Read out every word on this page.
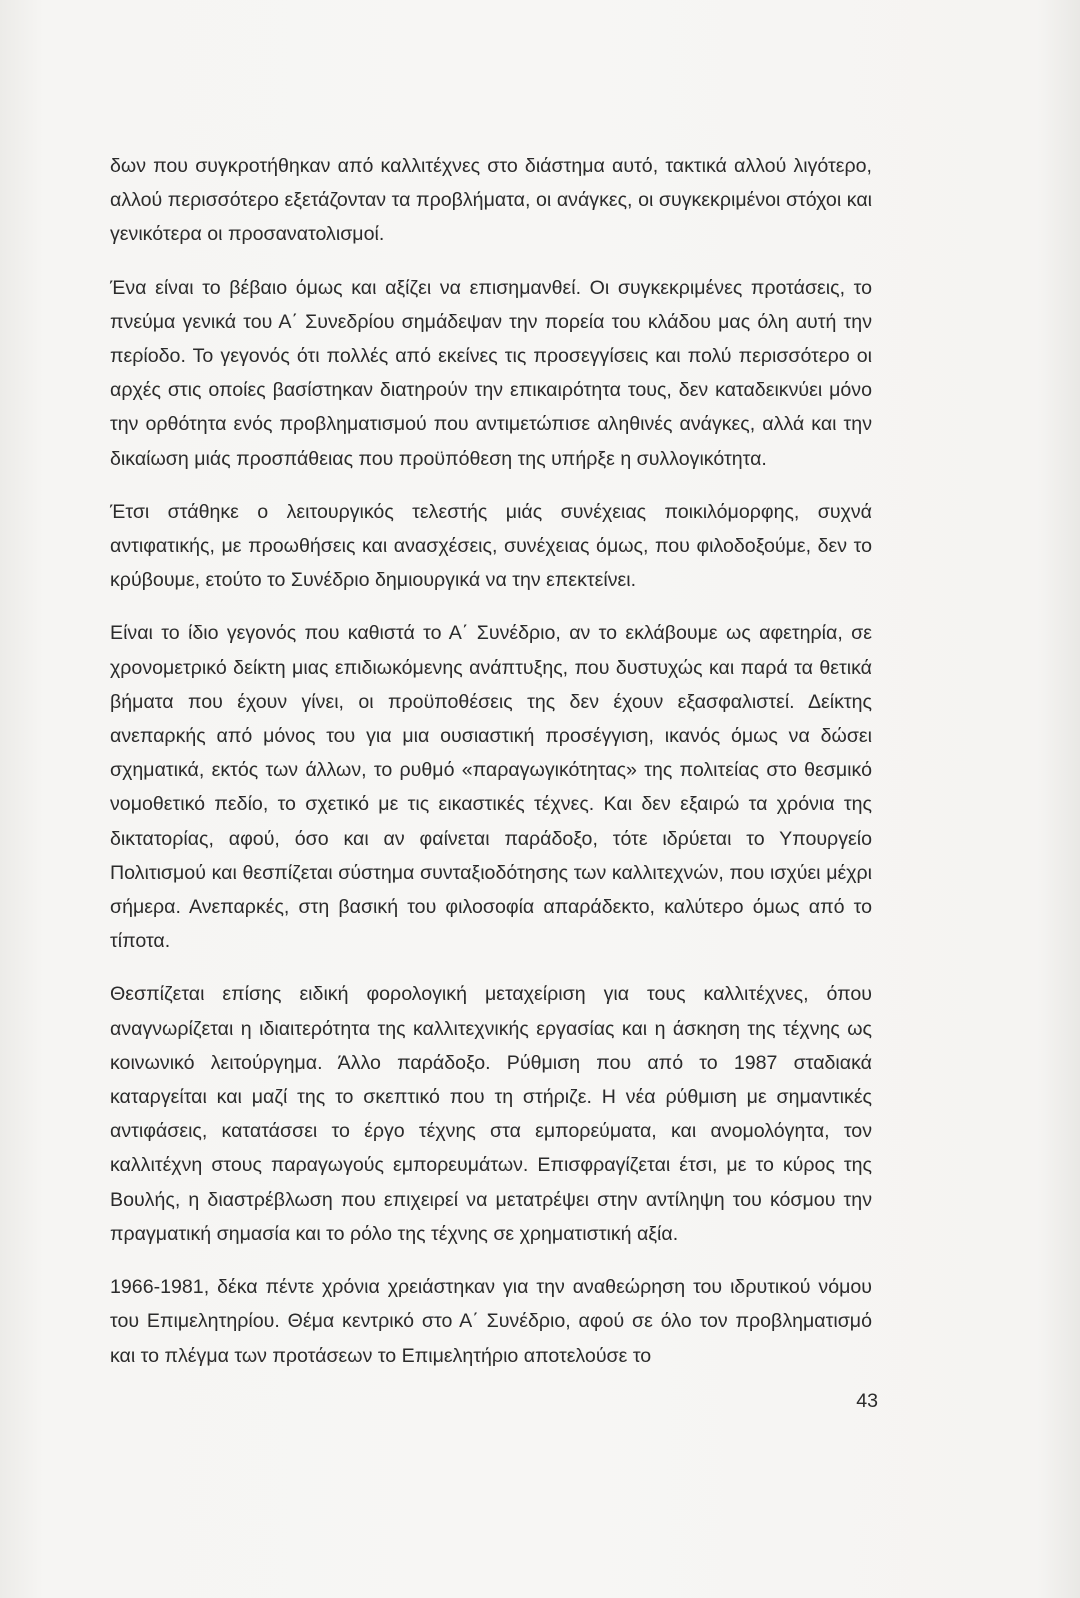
δων που συγκροτήθηκαν από καλλιτέχνες στο διάστημα αυτό, τακτικά αλλού λιγότερο, αλλού περισσότερο εξετάζονταν τα προβλήματα, οι ανάγκες, οι συγκεκριμένοι στόχοι και γενικότερα οι προσανατολισμοί.

Ένα είναι το βέβαιο όμως και αξίζει να επισημανθεί. Οι συγκεκριμένες προτάσεις, το πνεύμα γενικά του Α΄ Συνεδρίου σημάδεψαν την πορεία του κλάδου μας όλη αυτή την περίοδο. Το γεγονός ότι πολλές από εκείνες τις προσεγγίσεις και πολύ περισσότερο οι αρχές στις οποίες βασίστηκαν διατηρούν την επικαιρότητα τους, δεν καταδεικνύει μόνο την ορθότητα ενός προβληματισμού που αντιμετώπισε αληθινές ανάγκες, αλλά και την δικαίωση μιάς προσπάθειας που προϋπόθεση της υπήρξε η συλλογικότητα.

Έτσι στάθηκε ο λειτουργικός τελεστής μιάς συνέχειας ποικιλόμορφης, συχνά αντιφατικής, με προωθήσεις και ανασχέσεις, συνέχειας όμως, που φιλοδοξούμε, δεν το κρύβουμε, ετούτο το Συνέδριο δημιουργικά να την επεκτείνει.

Είναι το ίδιο γεγονός που καθιστά το Α΄ Συνέδριο, αν το εκλάβουμε ως αφετηρία, σε χρονομετρικό δείκτη μιας επιδιωκόμενης ανάπτυξης, που δυστυχώς και παρά τα θετικά βήματα που έχουν γίνει, οι προϋποθέσεις της δεν έχουν εξασφαλιστεί. Δείκτης ανεπαρκής από μόνος του για μια ουσιαστική προσέγγιση, ικανός όμως να δώσει σχηματικά, εκτός των άλλων, το ρυθμό «παραγωγικότητας» της πολιτείας στο θεσμικό νομοθετικό πεδίο, το σχετικό με τις εικαστικές τέχνες. Και δεν εξαιρώ τα χρόνια της δικτατορίας, αφού, όσο και αν φαίνεται παράδοξο, τότε ιδρύεται το Υπουργείο Πολιτισμού και θεσπίζεται σύστημα συνταξιοδότησης των καλλιτεχνών, που ισχύει μέχρι σήμερα. Ανεπαρκές, στη βασική του φιλοσοφία απαράδεκτο, καλύτερο όμως από το τίποτα.

Θεσπίζεται επίσης ειδική φορολογική μεταχείριση για τους καλλιτέχνες, όπου αναγνωρίζεται η ιδιαιτερότητα της καλλιτεχνικής εργασίας και η άσκηση της τέχνης ως κοινωνικό λειτούργημα. Άλλο παράδοξο. Ρύθμιση που από το 1987 σταδιακά καταργείται και μαζί της το σκεπτικό που τη στήριζε. Η νέα ρύθμιση με σημαντικές αντιφάσεις, κατατάσσει το έργο τέχνης στα εμπορεύματα, και ανομολόγητα, τον καλλιτέχνη στους παραγωγούς εμπορευμάτων. Επισφραγίζεται έτσι, με το κύρος της Βουλής, η διαστρέβλωση που επιχειρεί να μετατρέψει στην αντίληψη του κόσμου την πραγματική σημασία και το ρόλο της τέχνης σε χρηματιστική αξία.

1966-1981, δέκα πέντε χρόνια χρειάστηκαν για την αναθεώρηση του ιδρυτικού νόμου του Επιμελητηρίου. Θέμα κεντρικό στο Α΄ Συνέδριο, αφού σε όλο τον προβληματισμό και το πλέγμα των προτάσεων το Επιμελητήριο αποτελούσε το

43
